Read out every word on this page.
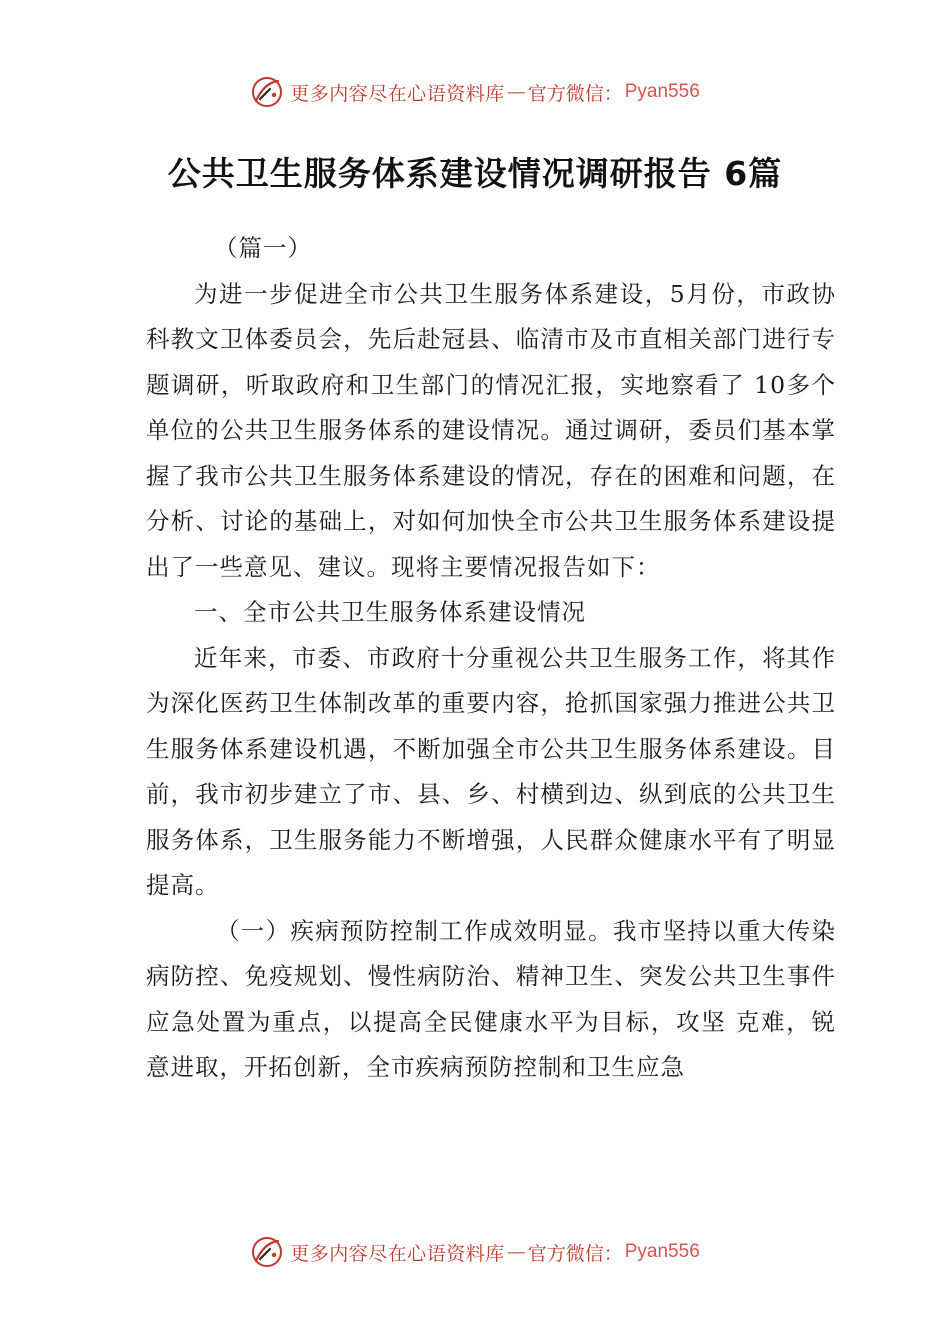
更多内容尽在心语资料库 — 官方微信： Pyan556
公共卫生服务体系建设情况调研报告 6篇

（篇一）

为进一步促进全市公共卫生服务体系建设，5月份，市政协科教文卫体委员会，先后赴冠县、临清市及市直相关部门进行专题调研，听取政府和卫生部门的情况汇报，实地察看了 10多个单位的公共卫生服务体系的建设情况。通过调研，委员们基本掌握了我市公共卫生服务体系建设的情况，存在的困难和问题，在分析、讨论的基础上，对如何加快全市公共卫生服务体系建设提出了一些意见、建议。现将主要情况报告如下：

一、全市公共卫生服务体系建设情况

近年来，市委、市政府十分重视公共卫生服务工作，将其作为深化医药卫生体制改革的重要内容，抢抓国家强力推进公共卫生服务体系建设机遇，不断加强全市公共卫生服务体系建设。目前，我市初步建立了市、县、乡、村横到边、纵到底的公共卫生服务体系，卫生服务能力不断增强，人民群众健康水平有了明显提高。

（一）疾病预防控制工作成效明显。我市坚持以重大传染病防控、免疫规划、慢性病防治、精神卫生、突发公共卫生事件应急处置为重点，以提高全民健康水平为目标，攻坚 克难，锐意进取，开拓创新，全市疾病预防控制和卫生应急

更多内容尽在心语资料库 — 官方微信： Pyan556
